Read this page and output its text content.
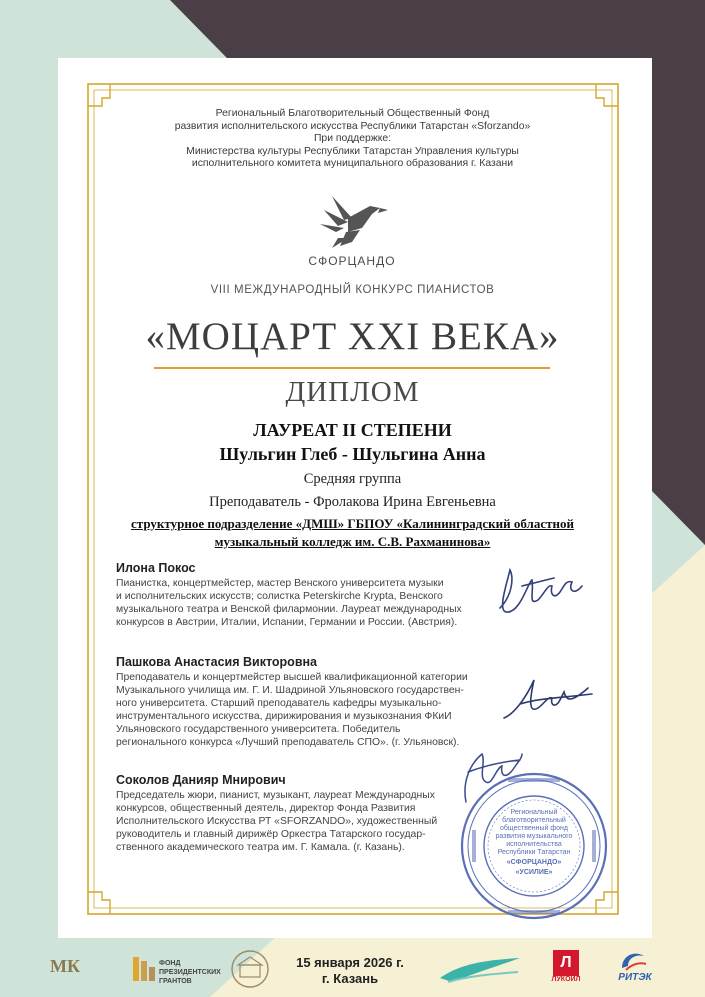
Региональный Благотворительный Общественный Фонд
развития исполнительского искусства Республики Татарстан «Sforzando»
При поддержке:
Министерства культуры Республики Татарстан Управления культуры
исполнительного комитета муниципального образования г. Казани
СФОРЦАНДО
VIII МЕЖДУНАРОДНЫЙ КОНКУРС ПИАНИСТОВ
«МОЦАРТ XXI ВЕКА»
ДИПЛОМ
ЛАУРЕАТ II СТЕПЕНИ
Шульгин Глеб - Шульгина Анна
Средняя группа
Преподаватель - Фролакова Ирина Евгеньевна
структурное подразделение «ДМШ» ГБПОУ «Калининградский областной
музыкальный колледж им. С.В. Рахманинова»
Илона Покос
Пианистка, концертмейстер, мастер Венского университета музыки
и исполнительских искусств; солистка Peterskirche Krypta, Венского
музыкального театра и Венской филармонии. Лауреат международных
конкурсов в Австрии, Италии, Испании, Германии и России. (Австрия).
Пашкова Анастасия Викторовна
Преподаватель и концертмейстер высшей квалификационной категории
Музыкального училища им. Г. И. Шадриной Ульяновского государствен-
ного университета. Старший преподаватель кафедры музыкально-
инструментального искусства, дирижирования и музыкознания ФКиИ
Ульяновского государственного университета. Победитель
регионального конкурса «Лучший преподаватель СПО». (г. Ульяновск).
Соколов Данияр Мнирович
Председатель жюри, пианист, музыкант, лауреат Международных
конкурсов, общественный деятель, директор Фонда Развития
Исполнительского Искусства РТ «SFORZANDO», художественный
руководитель и главный дирижёр Оркестра Татарского государ-
ственного академического театра им. Г. Камала. (г. Казань).
Региональный
благотворительный
общественный фонд
развития музыкального
исполнительства
Республики Татарстан
«СФОРЦАНДО»
«УСИЛИЕ»
МК	ФОНД ПРЕЗИДЕНТСКИХ ГРАНТОВ
15 января 2026 г.
г. Казань
Л
ЛУКОЙЛ	РИТЭК
